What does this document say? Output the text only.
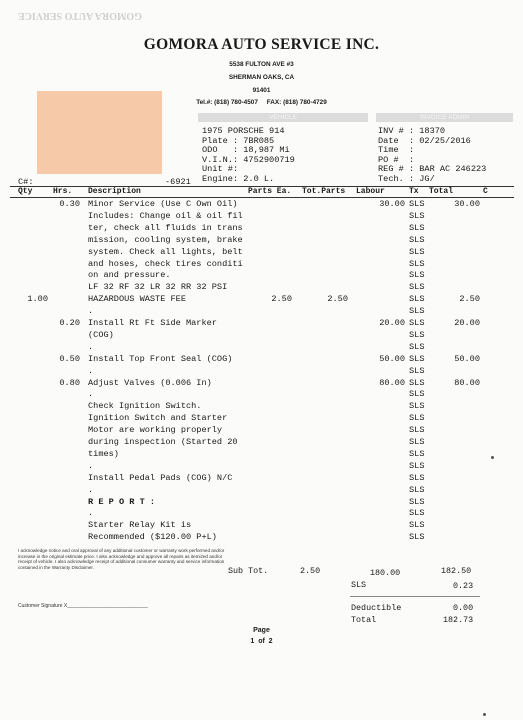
GOMORA AUTO SERVICE
GOMORA AUTO SERVICE INC.
5538 FULTON AVE #3
SHERMAN OAKS, CA
91401
Tel.#: (818) 780-4507     FAX: (818) 780-4729
VEHICLE	INVOICE ADMIN
1975 PORSCHE 914
Plate : 7BR085
ODO   : 18,987 Mi
V.I.N.: 4752900719
Unit #:
Engine: 2.0 L.
INV # : 18370
Date  : 02/25/2016
Time  :
PO #  :
REG # : BAR AC 246223
Tech. : JG/
C#:	-6921
Qty	Hrs. Description	Parts Ea. Tot.Parts Labour	Tx Total	C
0.30 Minor Service (Use C Own Oil)	30.00 SLS	30.00
Includes: Change oil & oil fil	SLS
ter, check all fluids in trans	SLS
mission, cooling system, brake	SLS
system. Check all lights, belt	SLS
and hoses, check tires conditi	SLS
on and pressure.	SLS
LF 32 RF 32 LR 32 RR 32 PSI	SLS
1.00	HAZARDOUS WASTE FEE	2.50	2.50	SLS	2.50
.	SLS
0.20 Install Rt Ft Side Marker	20.00 SLS	20.00
(COG)	SLS
.	SLS
0.50 Install Top Front Seal (COG)	50.00 SLS	50.00
.	SLS
0.80 Adjust Valves (0.006 In)	80.00 SLS	80.00
.	SLS
Check Ignition Switch.	SLS
Ignition Switch and Starter	SLS
Motor are working properly	SLS
during inspection (Started 20	SLS
times)	SLS
.	SLS
Install Pedal Pads (COG) N/C	SLS
.	SLS
R E P O R T :	SLS
.	SLS
Starter Relay Kit is	SLS
Recommended ($120.00 P+L)	SLS
I acknowledge notice and oral approval of any additional customer or warranty work performed and/or increase in the original estimate price. I also acknowledge and approve all repairs as itemized and/or receipt of vehicle. I also acknowledge receipt of additional consumer warranty and service information contained in the Warranty Disclaimer.
Customer Signature X_____________________________
Sub Tot.	2.50	180.00	182.50
SLS	0.23
Deductible	0.00
Total	182.73
Page
1  of  2
